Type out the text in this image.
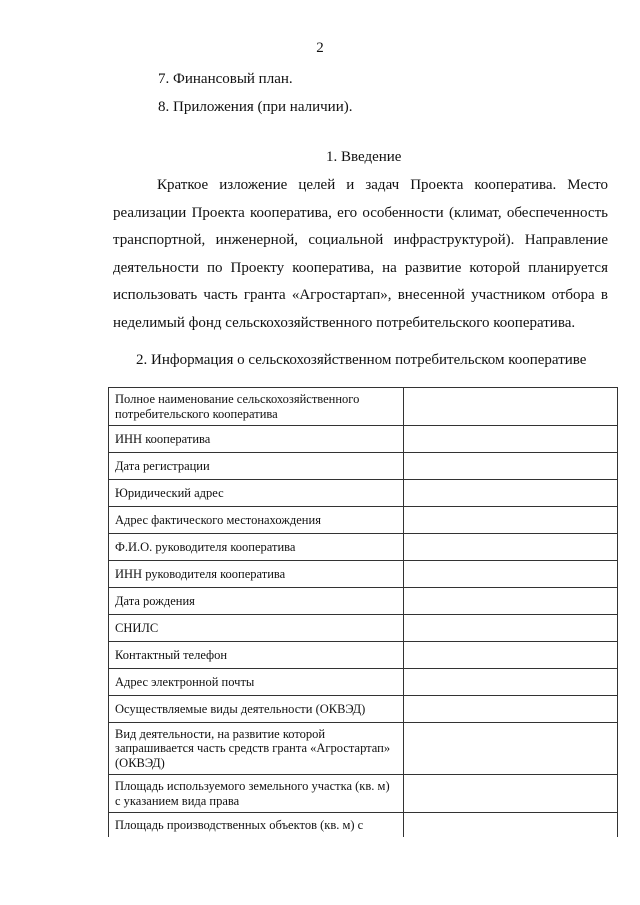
2
7. Финансовый план.
8. Приложения (при наличии).
1. Введение

Краткое изложение целей и задач Проекта кооператива. Место реализации Проекта кооператива, его особенности (климат, обеспеченность транспортной, инженерной, социальной инфраструктурой). Направление деятельности по Проекту кооператива, на развитие которой планируется использовать часть гранта «Агростартап», внесенной участником отбора в неделимый фонд сельскохозяйственного потребительского кооператива.

2. Информация о сельскохозяйственном потребительском кооперативе
Полное наименование сельскохозяйственного потребительского кооператива	
ИНН кооператива	
Дата регистрации	
Юридический адрес	
Адрес фактического местонахождения	
Ф.И.О. руководителя кооператива	
ИНН руководителя кооператива	
Дата рождения	
СНИЛС	
Контактный телефон	
Адрес электронной почты	
Осуществляемые виды деятельности (ОКВЭД)	
Вид деятельности, на развитие которой запрашивается часть средств гранта «Агростартап» (ОКВЭД)	
Площадь используемого земельного участка (кв. м) с указанием вида права	
Площадь производственных объектов (кв. м) с	
